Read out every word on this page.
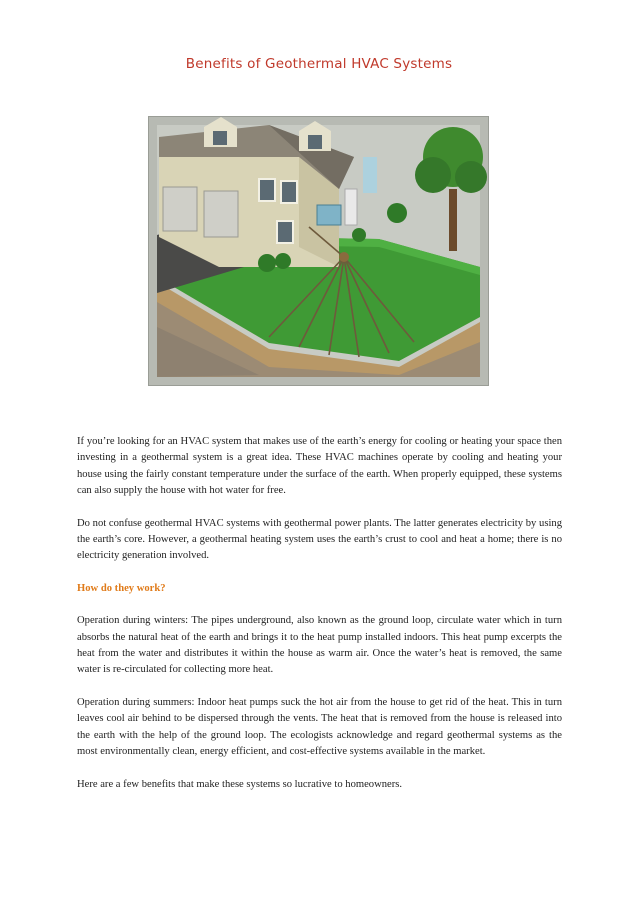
Benefits of Geothermal HVAC Systems

If you’re looking for an HVAC system that makes use of the earth’s energy for cooling or heating your space then investing in a geothermal system is a great idea. These HVAC machines operate by cooling and heating your house using the fairly constant temperature under the surface of the earth. When properly equipped, these systems can also supply the house with hot water for free.

Do not confuse geothermal HVAC systems with geothermal power plants. The latter generates electricity by using the earth’s core. However, a geothermal heating system uses the earth’s crust to cool and heat a home; there is no electricity generation involved.

How do they work?

Operation during winters: The pipes underground, also known as the ground loop, circulate water which in turn absorbs the natural heat of the earth and brings it to the heat pump installed indoors. This heat pump excerpts the heat from the water and distributes it within the house as warm air. Once the water’s heat is removed, the same water is re-circulated for collecting more heat.

Operation during summers: Indoor heat pumps suck the hot air from the house to get rid of the heat. This in turn leaves cool air behind to be dispersed through the vents. The heat that is removed from the house is released into the earth with the help of the ground loop. The ecologists acknowledge and regard geothermal systems as the most environmentally clean, energy efficient, and cost-effective systems available in the market.

Here are a few benefits that make these systems so lucrative to homeowners.
